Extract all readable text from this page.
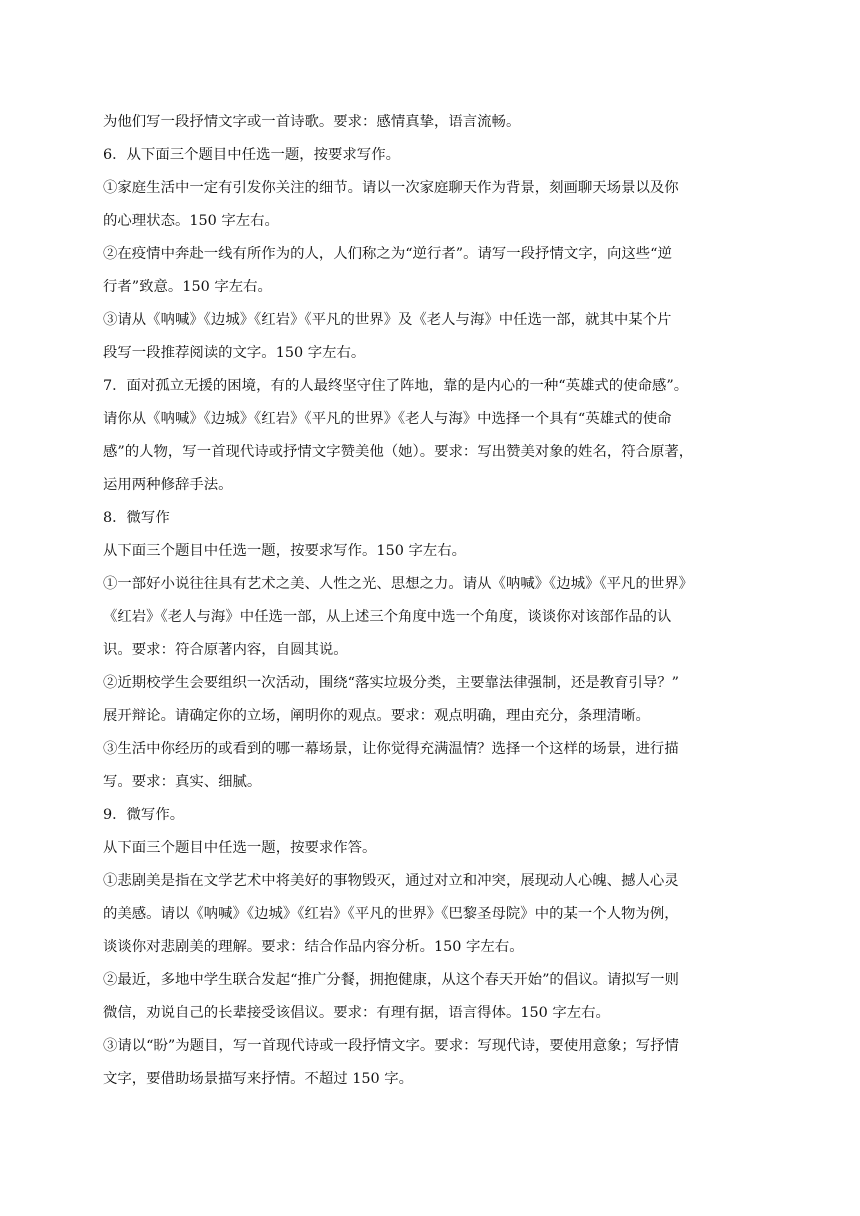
为他们写一段抒情文字或一首诗歌。要求：感情真挚，语言流畅。
6．从下面三个题目中任选一题，按要求写作。
①家庭生活中一定有引发你关注的细节。请以一次家庭聊天作为背景，刻画聊天场景以及你
的心理状态。150 字左右。
②在疫情中奔赴一线有所作为的人，人们称之为“逆行者”。请写一段抒情文字，向这些“逆
行者”致意。150 字左右。
③请从《呐喊》《边城》《红岩》《平凡的世界》及《老人与海》中任选一部，就其中某个片
段写一段推荐阅读的文字。150 字左右。
7．面对孤立无援的困境，有的人最终坚守住了阵地，靠的是内心的一种“英雄式的使命感”。
请你从《呐喊》《边城》《红岩》《平凡的世界》《老人与海》中选择一个具有“英雄式的使命
感”的人物，写一首现代诗或抒情文字赞美他（她）。要求：写出赞美对象的姓名，符合原著，
运用两种修辞手法。
8．微写作
从下面三个题目中任选一题，按要求写作。150 字左右。
①一部好小说往往具有艺术之美、人性之光、思想之力。请从《呐喊》《边城》《平凡的世界》
《红岩》《老人与海》中任选一部，从上述三个角度中选一个角度，谈谈你对该部作品的认
识。要求：符合原著内容，自圆其说。
②近期校学生会要组织一次活动，围绕“落实垃圾分类，主要靠法律强制，还是教育引导？”
展开辩论。请确定你的立场，阐明你的观点。要求：观点明确，理由充分，条理清晰。
③生活中你经历的或看到的哪一幕场景，让你觉得充满温情？选择一个这样的场景，进行描
写。要求：真实、细腻。
9．微写作。
从下面三个题目中任选一题，按要求作答。
①悲剧美是指在文学艺术中将美好的事物毁灭，通过对立和冲突，展现动人心魄、撼人心灵
的美感。请以《呐喊》《边城》《红岩》《平凡的世界》《巴黎圣母院》中的某一个人物为例，
谈谈你对悲剧美的理解。要求：结合作品内容分析。150 字左右。
②最近，多地中学生联合发起“推广分餐，拥抱健康，从这个春天开始”的倡议。请拟写一则
微信，劝说自己的长辈接受该倡议。要求：有理有据，语言得体。150 字左右。
③请以“盼”为题目，写一首现代诗或一段抒情文字。要求：写现代诗，要使用意象；写抒情
文字，要借助场景描写来抒情。不超过 150 字。
